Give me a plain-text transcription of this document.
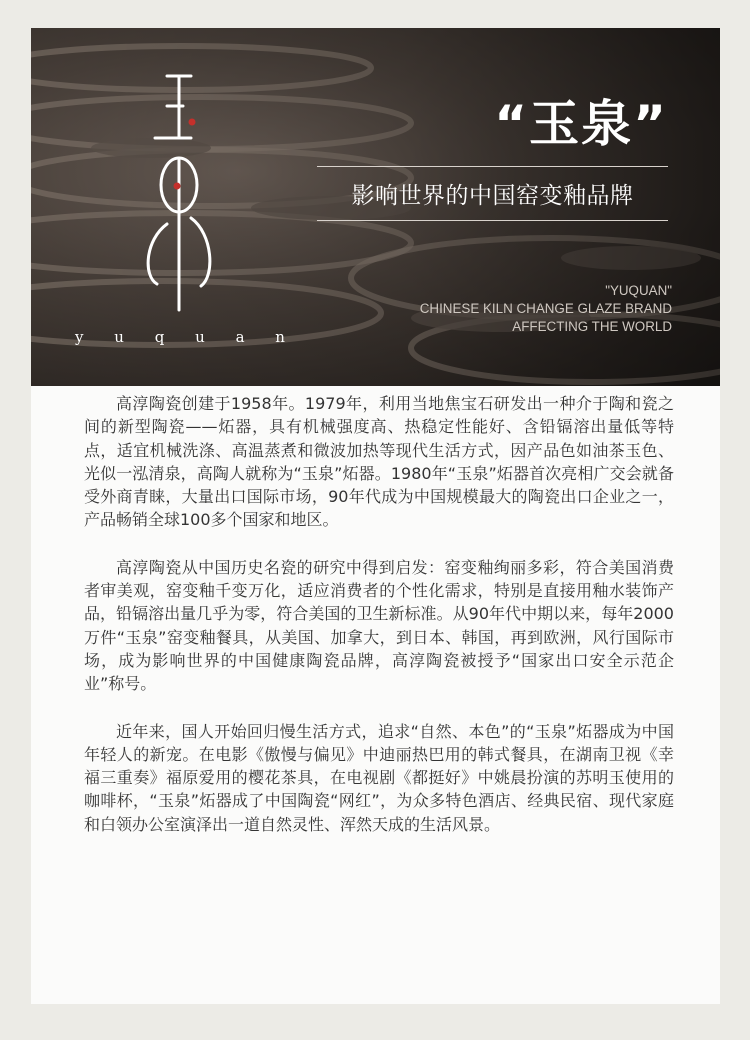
y u q u a n
“玉泉”
影响世界的中国窑变釉品牌
"YUQUAN"
CHINESE KILN CHANGE GLAZE BRAND
AFFECTING THE WORLD

高淳陶瓷创建于1958年。1979年，利用当地焦宝石研发出一种介于陶和瓷之间的新型陶瓷——炻器，具有机械强度高、热稳定性能好、含铅镉溶出量低等特点，适宜机械洗涤、高温蒸煮和微波加热等现代生活方式，因产品色如油茶玉色、光似一泓清泉，高陶人就称为“玉泉”炻器。1980年“玉泉”炻器首次亮相广交会就备受外商青睐，大量出口国际市场，90年代成为中国规模最大的陶瓷出口企业之一，产品畅销全球100多个国家和地区。

高淳陶瓷从中国历史名瓷的研究中得到启发：窑变釉绚丽多彩，符合美国消费者审美观，窑变釉千变万化，适应消费者的个性化需求，特别是直接用釉水装饰产品，铅镉溶出量几乎为零，符合美国的卫生新标准。从90年代中期以来，每年2000万件“玉泉”窑变釉餐具，从美国、加拿大，到日本、韩国，再到欧洲，风行国际市场，成为影响世界的中国健康陶瓷品牌，高淳陶瓷被授予“国家出口安全示范企业”称号。

近年来，国人开始回归慢生活方式，追求“自然、本色”的“玉泉”炻器成为中国年轻人的新宠。在电影《傲慢与偏见》中迪丽热巴用的韩式餐具，在湖南卫视《幸福三重奏》福原爱用的樱花茶具，在电视剧《都挺好》中姚晨扮演的苏明玉使用的咖啡杯，“玉泉”炻器成了中国陶瓷“网红”，为众多特色酒店、经典民宿、现代家庭和白领办公室演泽出一道自然灵性、浑然天成的生活风景。
